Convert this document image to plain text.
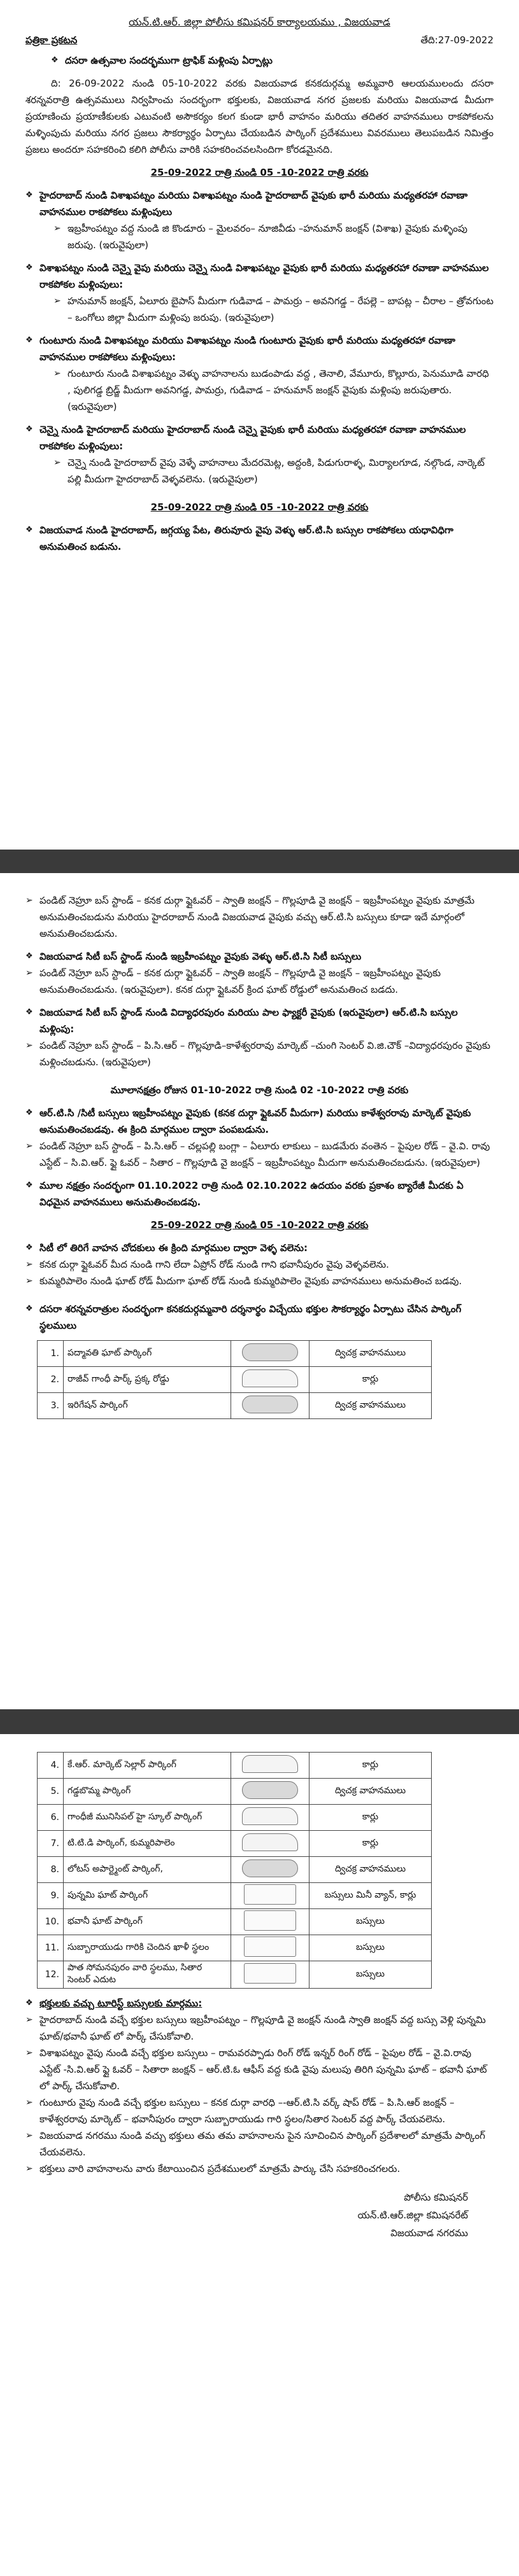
యన్.టి.ఆర్. జిల్లా పోలీసు కమిషనర్ కార్యాలయము , విజయవాడ

పత్రికా ప్రకటన	తేది:27-09-2022

❖ దసరా ఉత్సవాల సందర్భముగా ట్రాఫిక్ మళ్లింపు ఏర్పాట్లు

ది: 26-09-2022 నుండి 05-10-2022 వరకు విజయవాడ కనకదుర్గమ్మ అమ్మవారి ఆలయములందు దసరా శరన్నవరాత్రి ఉత్సవములు నిర్వహించు సందర్భంగా భక్తులకు, విజయవాడ నగర ప్రజలకు మరియు విజయవాడ మీదుగా ప్రయాణించు ప్రయాణీకులకు ఎటువంటి అసౌకర్యం కలగ కుండా భారీ వాహనం మరియు తదితర వాహనములు రాకపోకలను మళ్ళింపుచు మరియు నగర ప్రజలు సౌకర్యార్థం ఏర్పాటు చేయబడిన పార్కింగ్ ప్రదేశములు వివరములు తెలుపబడిన నిమిత్తం ప్రజలు అందరూ సహకరించి కలిగి పోలీసు వారికి సహకరించవలసిందిగా కోరడమైనది.

25-09-2022 రాత్రి నుండి 05 -10-2022 రాత్రి వరకు

❖ హైదరాబాద్ నుండి విశాఖపట్నం మరియు విశాఖపట్నం నుండి హైదరాబాద్ వైపుకు భారీ మరియు మధ్యతరహా రవాణా వాహనముల రాకపోకలు మళ్లింపులు

➢ ఇబ్రహీంపట్నం వద్ద నుండి జి కొండూరు – మైలవరం– నూజివీడు –హనుమాన్ జంక్షన్ (విశాఖ) వైపుకు మళ్ళింపు జరుపు. (ఇరువైపులా)

❖ విశాఖపట్నం నుండి చెన్నై వైపు మరియు చెన్నై నుండి విశాఖపట్నం వైపుకు భారీ మరియు మధ్యతరహా రవాణా వాహనముల రాకపోకల మళ్లింపులు:

➢ హనుమాన్ జంక్షన్, ఏలూరు బైపాస్ మీదుగా గుడివాడ – పామర్రు – అవనిగడ్డ – రేపల్లె – బాపట్ల – చీరాల – త్రోవగుంట – ఒంగోలు జిల్లా మీదుగా మళ్లింపు జరుపు. (ఇరువైపులా)

❖ గుంటూరు నుండి విశాఖపట్నం మరియు విశాఖపట్నం నుండి గుంటూరు వైపుకు భారీ మరియు మధ్యతరహా రవాణా వాహనముల రాకపోకలు మళ్లింపులు:

➢ గుంటూరు నుండి విశాఖపట్నం వెళ్ళు వాహనాలను బుడంపాడు వద్ద , తెనాలి, వేమూరు, కొల్లూరు, పెనుమూడి వారధి , పులిగడ్డ బ్రిడ్జ్ మీదుగా అవనిగడ్డ, పామర్రు, గుడివాడ – హనుమాన్ జంక్షన్ వైపుకు మళ్లింపు జరుపుతారు. (ఇరువైపులా)

❖ చెన్నై నుండి హైదరాబాద్ మరియు హైదరాబాద్ నుండి చెన్నై వైపుకు భారీ మరియు మధ్యతరహా రవాణా వాహనముల రాకపోకల మళ్లింపులు:

➢ చెన్నై నుండి హైదరాబాద్ వైపు వెళ్ళే వాహనాలు మేదరమెట్ల, అద్దంకి, పిడుగురాళ్ళ, మిర్యాలగూడ, నల్గొండ, నార్కెట్ పల్లి మీదుగా హైదరాబాద్ వెళ్ళవలెను. (ఇరువైపులా)

25-09-2022 రాత్రి నుండి 05 -10-2022 రాత్రి వరకు

❖ విజయవాడ నుండి హైదరాబాద్, జగ్గయ్య పేట, తిరువూరు వైపు వెళ్ళు ఆర్.టి.సి బస్సుల రాకపోకలు యధావిధిగా అనుమతించ బడును.

➢ పండిట్ నెహ్రూ బస్ స్టాండ్ – కనక దుర్గా ఫ్లైఓవర్ – స్వాతి జంక్షన్ – గొల్లపూడి వై జంక్షన్ – ఇబ్రహీంపట్నం వైపుకు మాత్రమే అనుమతించబడును మరియు హైదరాబాద్ నుండి విజయవాడ వైపుకు వచ్చు ఆర్.టి.సి బస్సులు కూడా ఇదే మార్గంలో అనుమతించబడును.

❖ విజయవాడ సిటీ బస్ స్టాండ్ నుండి ఇబ్రహీంపట్నం వైపుకు వెళ్ళు ఆర్.టి.సి సిటీ బస్సులు

➢ పండిట్ నెహ్రూ బస్ స్టాండ్ – కనక దుర్గా ఫ్లైఓవర్ – స్వాతి జంక్షన్ – గొల్లపూడి వై జంక్షన్ – ఇబ్రహీంపట్నం వైపుకు అనుమతించబడును. (ఇరువైపులా). కనక దుర్గా ఫ్లైఓవర్ క్రింద ఘాట్ రోడ్డులో అనుమతించ బడదు.

❖ విజయవాడ సిటీ బస్ స్టాండ్ నుండి విద్యాధరపురం మరియు పాల ఫ్యాక్టరీ వైపుకు (ఇరువైపులా) ఆర్.టి.సి బస్సుల మళ్లింపు:

➢ పండిట్ నెహ్రూ బస్ స్టాండ్ – పి.సి.ఆర్ – గొల్లపూడి–కాళేశ్వరరావు మార్కెట్ –చుంగి సెంటర్ వి.జి.చౌక్ –విద్యాధరపురం వైపుకు మళ్లించబడును. (ఇరువైపులా)

మూలానక్షత్రం రోజున 01-10-2022 రాత్రి నుండి 02 -10-2022 రాత్రి వరకు

❖ ఆర్.టి.సి /సిటీ బస్సులు ఇబ్రహీంపట్నం వైపుకు (కనక దుర్గా ఫ్లైఓవర్ మీదుగా) మరియు కాళేశ్వరరావు మార్కెట్ వైపుకు అనుమతించబడవు. ఈ క్రింది మార్గముల ద్వారా పంపబడును.

➢ పండిట్ నెహ్రూ బస్ స్టాండ్ – పి.సి.ఆర్ – చల్లపల్లి బంగ్లా – ఏలూరు లాకులు – బుడమేరు వంతెన – పైపుల రోడ్ – వై.వి. రావు ఎస్టేట్ – సి.వి.ఆర్. ఫ్లై ఓవర్ – సితార – గొల్లపూడి వై జంక్షన్ – ఇబ్రహీంపట్నం మీదుగా అనుమతించబడును. (ఇరువైపులా)

❖ మూల నక్షత్రం సందర్భంగా 01.10.2022 రాత్రి నుండి 02.10.2022 ఉదయం వరకు ప్రకాశం బ్యారేజీ మీదకు ఏ విధమైన వాహనములు అనుమతించబడవు.

25-09-2022 రాత్రి నుండి 05 -10-2022 రాత్రి వరకు

❖ సిటీ లో తిరిగే వాహన చోదకులు ఈ క్రింది మార్గముల ద్వారా వెళ్ళ వలెను:

➢ కనక దుర్గా ఫ్లైఓవర్ మీద నుండి గాని లేదా ఏప్రోన్ రోడ్ నుండి గాని భవానీపురం వైపు వెళ్ళవలెను.

➢ కుమ్మరిపాలెం నుండి ఘాట్ రోడ్ మీదుగా ఘాట్ రోడ్ నుండి కుమ్మరిపాలెం వైపుకు వాహనములు అనుమతించ బడవు.

❖ దసరా శరన్నవరాత్రుల సందర్భంగా కనకదుర్గమ్మవారి దర్శనార్థం విచ్చేయు భక్తుల సౌకర్యార్థం ఏర్పాటు చేసిన పార్కింగ్ స్థలములు

1.	పద్మావతి ఘాట్ పార్కింగ్		ద్విచక్ర వాహనములు
2.	రాజీవ్ గాంధీ పార్క్ ప్రక్క రోడ్డు		కార్లు
3.	ఇరిగేషన్ పార్కింగ్		ద్విచక్ర వాహనములు
4.	కే.ఆర్. మార్కెట్ సెల్లార్ పార్కింగ్		కార్లు
5.	గడ్డబొమ్మ పార్కింగ్		ద్విచక్ర వాహనములు
6.	గాంధీజీ మునిసిపల్ హై స్కూల్ పార్కింగ్		కార్లు
7.	టి.టి.డి పార్కింగ్, కుమ్మరిపాలెం		కార్లు
8.	లోటస్ అపార్ట్మెంట్ పార్కింగ్,		ద్విచక్ర వాహనములు
9.	పున్నమి ఘాట్ పార్కింగ్		బస్సులు మినీ వ్యాన్, కార్లు
10.	భవానీ ఘాట్ పార్కింగ్		బస్సులు
11.	సుబ్బారాయుడు గారికి చెందిన ఖాళీ స్థలం		బస్సులు
12.	పాత సోమనపురం వారి స్థలము, సితార సెంటర్ ఎదుట		బస్సులు

❖ భక్తులకు వచ్చు టూరిస్ట్ బస్సులకు మార్గము:

➢ హైదరాబాద్ నుండి వచ్చే భక్తుల బస్సులు ఇబ్రహీంపట్నం – గొల్లపూడి వై జంక్షన్ నుండి స్వాతి జంక్షన్ వద్ద బస్సు వెళ్లి పున్నమి ఘాట్/భవానీ ఘాట్ లో పార్క్ చేసుకోవాలి.

➢ విశాఖపట్నం వైపు నుండి వచ్చే భక్తుల బస్సులు – రామవరప్పాడు రింగ్ రోడ్ ఇన్నర్ రింగ్ రోడ్ – పైపుల రోడ్ – వై.వి.రావు ఎస్టేట్ -సి.వి.ఆర్ ఫ్లై ఓవర్ – సితారా జంక్షన్ – ఆర్.టి.ఓ ఆఫీస్ వద్ద కుడి వైపు మలుపు తిరిగి పున్నమి ఘాట్ – భవానీ ఘాట్ లో పార్క్ చేసుకోవాలి.

➢ గుంటూరు వైపు నుండి వచ్చే భక్తుల బస్సులు – కనక దుర్గా వారధి –-ఆర్.టి.సి వర్క్ షాప్ రోడ్ – పి.సి.ఆర్ జంక్షన్ – కాళేశ్వరరావు మార్కెట్ – భవానీపురం ద్వారా సుబ్బారాయుడు గారి స్థలం/సితార సెంటర్ వద్ద పార్క్ చేయవలెను.

➢ విజయవాడ నగరము నుండి వచ్చు భక్తులు తమ తమ వాహనాలను పైన సూచించిన పార్కింగ్ ప్రదేశాలలో మాత్రమే పార్కింగ్ చేయవలెను.

➢ భక్తులు వారి వాహనాలను వారు కేటాయించిన ప్రదేశములలో మాత్రమే పార్కు చేసి సహకరించగలరు.

పోలీసు కమిషనర్

యన్.టి.ఆర్.జిల్లా కమిషనరేట్

విజయవాడ నగరము
